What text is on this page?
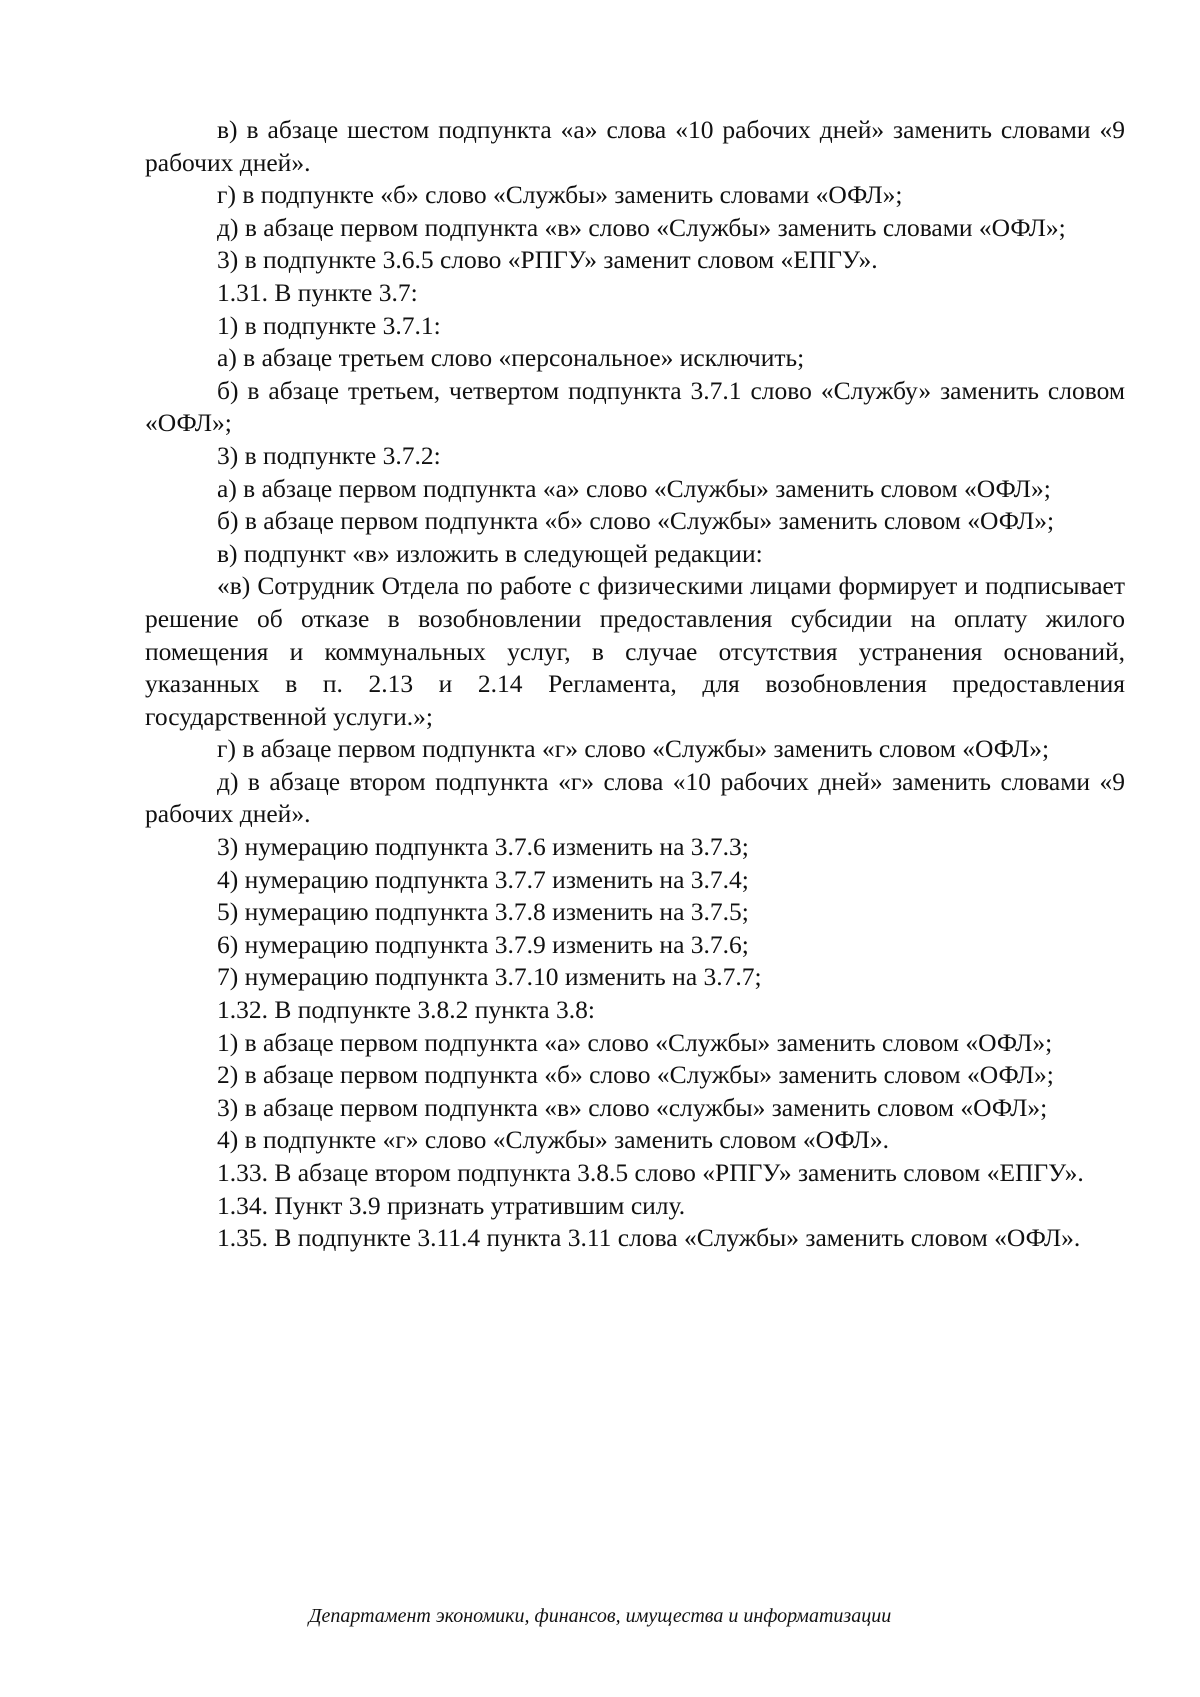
в) в абзаце шестом подпункта «а» слова «10 рабочих дней» заменить словами «9 рабочих дней».

г) в подпункте «б» слово «Службы» заменить словами «ОФЛ»;

д) в абзаце первом подпункта «в» слово «Службы» заменить словами «ОФЛ»;

3) в подпункте 3.6.5 слово «РПГУ» заменит словом «ЕПГУ».

1.31. В пункте 3.7:

1) в подпункте 3.7.1:

а) в абзаце третьем слово «персональное» исключить;

б) в абзаце третьем, четвертом подпункта 3.7.1 слово «Службу» заменить словом «ОФЛ»;

3) в подпункте 3.7.2:

а) в абзаце первом подпункта «а» слово «Службы» заменить словом «ОФЛ»;

б) в абзаце первом подпункта «б» слово «Службы» заменить словом «ОФЛ»;

в) подпункт «в» изложить в следующей редакции:

«в) Сотрудник Отдела по работе с физическими лицами формирует и подписывает решение об отказе в возобновлении предоставления субсидии на оплату жилого помещения и коммунальных услуг, в случае отсутствия устранения оснований, указанных в п. 2.13 и 2.14 Регламента, для возобновления предоставления государственной услуги.»;

г) в абзаце первом подпункта «г» слово «Службы» заменить словом «ОФЛ»;

д) в абзаце втором подпункта «г» слова «10 рабочих дней» заменить словами «9 рабочих дней».

3) нумерацию подпункта 3.7.6 изменить на 3.7.3;

4) нумерацию подпункта 3.7.7 изменить на 3.7.4;

5) нумерацию подпункта 3.7.8 изменить на 3.7.5;

6) нумерацию подпункта 3.7.9 изменить на 3.7.6;

7) нумерацию подпункта 3.7.10 изменить на 3.7.7;

1.32. В подпункте 3.8.2 пункта 3.8:

1) в абзаце первом подпункта «а» слово «Службы» заменить словом «ОФЛ»;

2) в абзаце первом подпункта «б» слово «Службы» заменить словом «ОФЛ»;

3) в абзаце первом подпункта «в» слово «службы» заменить словом «ОФЛ»;

4) в подпункте «г» слово «Службы» заменить словом «ОФЛ».

1.33. В абзаце втором подпункта 3.8.5 слово «РПГУ» заменить словом «ЕПГУ».

1.34. Пункт 3.9 признать утратившим силу.

1.35. В подпункте 3.11.4 пункта 3.11 слова «Службы» заменить словом «ОФЛ».

Департамент экономики, финансов, имущества и информатизации
